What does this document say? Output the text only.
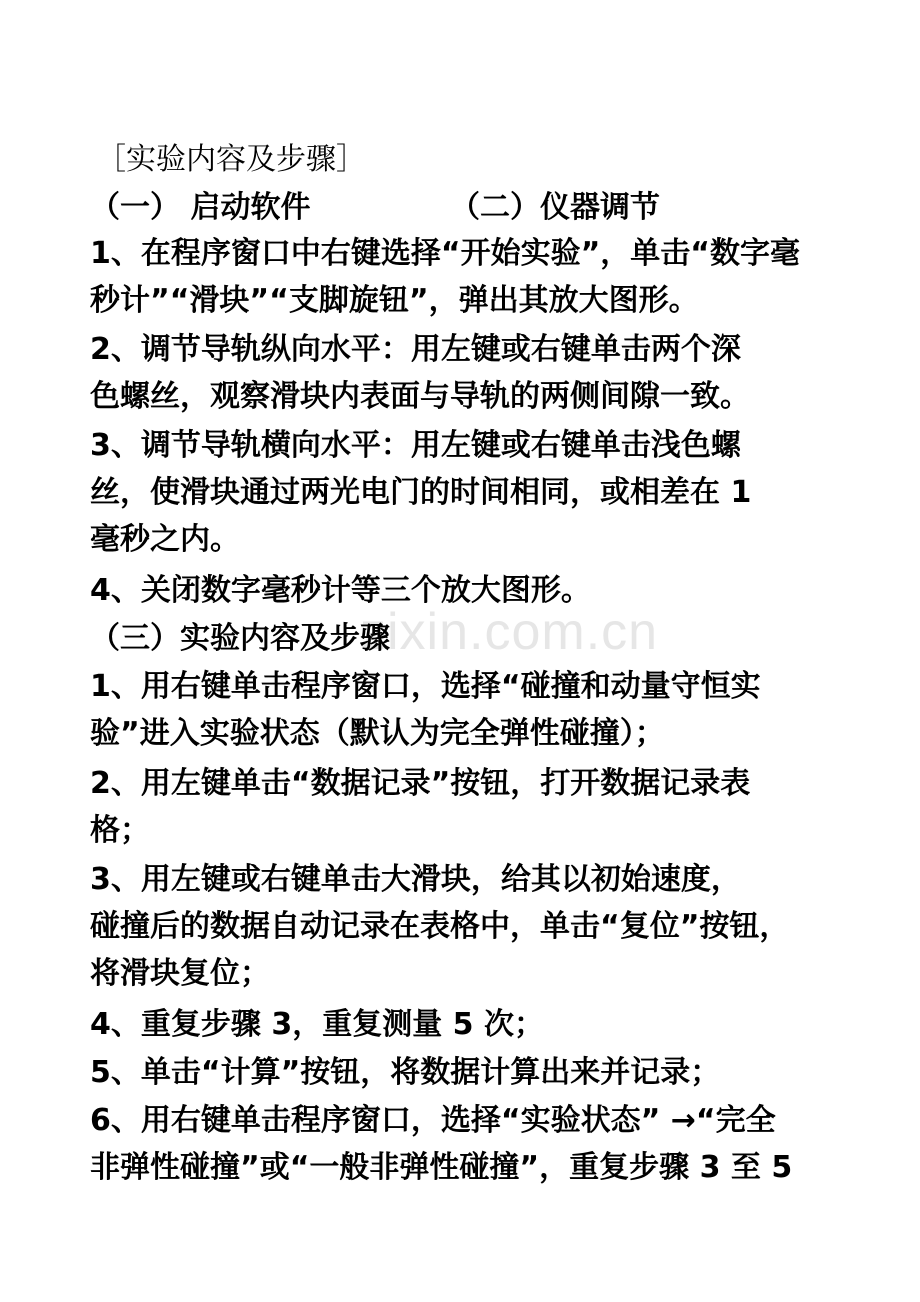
zixin.com.cn
［实验内容及步骤］
（一） 启动软件	（二）仪器调节
1、在程序窗口中右键选择“开始实验”，单击“数字毫
秒计”“滑块”“支脚旋钮”，弹出其放大图形。
2、调节导轨纵向水平：用左键或右键单击两个深
色螺丝，观察滑块内表面与导轨的两侧间隙一致。
3、调节导轨横向水平：用左键或右键单击浅色螺
丝，使滑块通过两光电门的时间相同，或相差在 1
毫秒之内。
4、关闭数字毫秒计等三个放大图形。
（三）实验内容及步骤
1、用右键单击程序窗口，选择“碰撞和动量守恒实
验”进入实验状态（默认为完全弹性碰撞）；
2、用左键单击“数据记录”按钮，打开数据记录表
格；
3、用左键或右键单击大滑块，给其以初始速度，
碰撞后的数据自动记录在表格中，单击“复位”按钮，
将滑块复位；
4、重复步骤 3，重复测量 5 次；
5、单击“计算”按钮，将数据计算出来并记录；
6、用右键单击程序窗口，选择“实验状态” →“完全
非弹性碰撞”或“一般非弹性碰撞”，重复步骤 3 至 5
